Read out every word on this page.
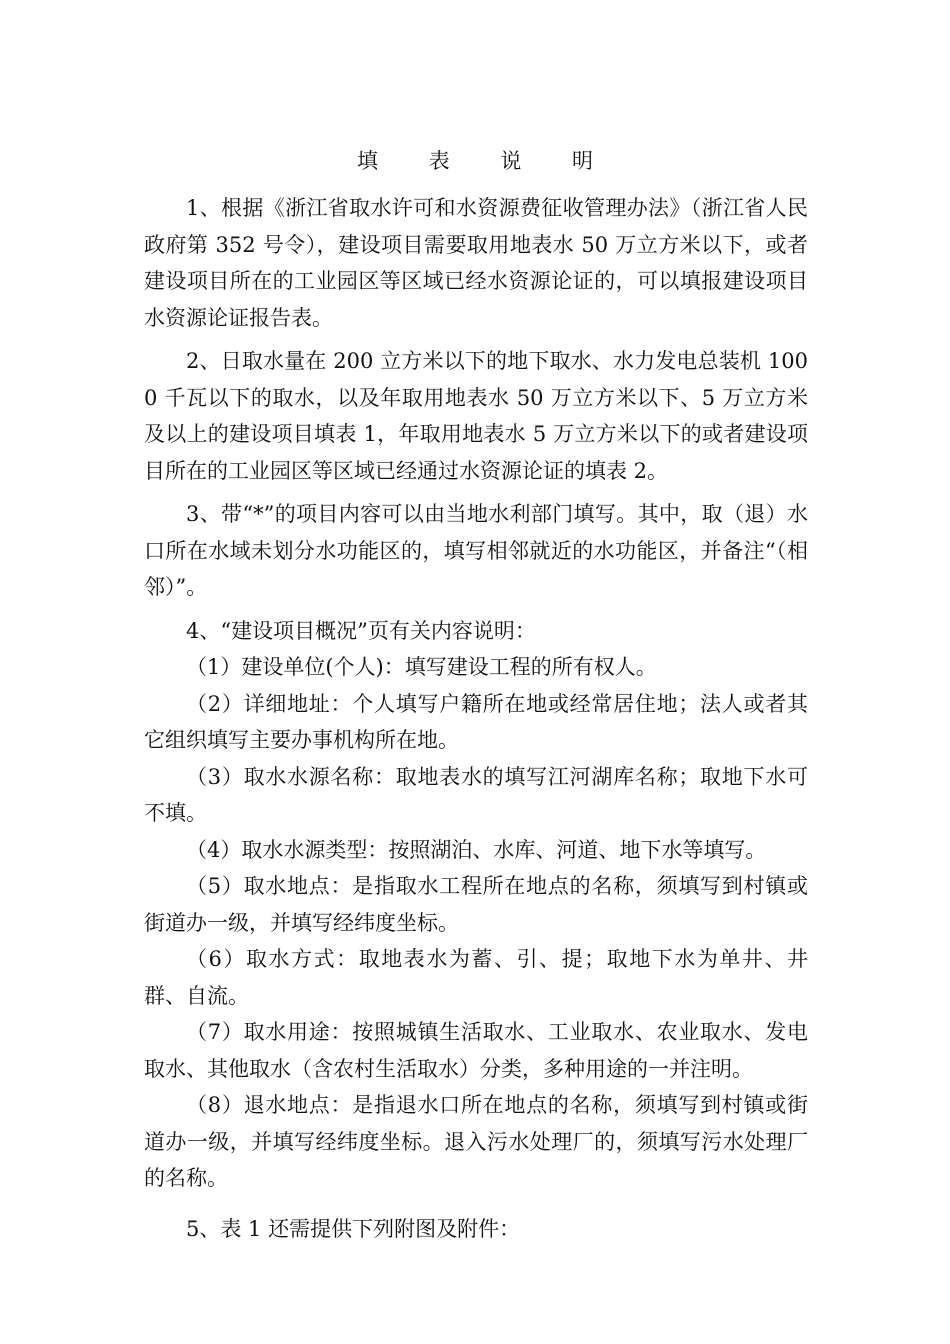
填 表 说 明

1、根据《浙江省取水许可和水资源费征收管理办法》（浙江省人民政府第 352 号令），建设项目需要取用地表水 50 万立方米以下，或者建设项目所在的工业园区等区域已经水资源论证的，可以填报建设项目水资源论证报告表。

2、日取水量在 200 立方米以下的地下取水、水力发电总装机 1000 千瓦以下的取水，以及年取用地表水 50 万立方米以下、5 万立方米及以上的建设项目填表 1，年取用地表水 5 万立方米以下的或者建设项目所在的工业园区等区域已经通过水资源论证的填表 2。

3、带“*”的项目内容可以由当地水利部门填写。其中，取（退）水口所在水域未划分水功能区的，填写相邻就近的水功能区，并备注“（相邻）”。

4、“建设项目概况”页有关内容说明：

（1）建设单位(个人)：填写建设工程的所有权人。

（2）详细地址：个人填写户籍所在地或经常居住地；法人或者其它组织填写主要办事机构所在地。

（3）取水水源名称：取地表水的填写江河湖库名称；取地下水可不填。

（4）取水水源类型：按照湖泊、水库、河道、地下水等填写。

（5）取水地点：是指取水工程所在地点的名称，须填写到村镇或街道办一级，并填写经纬度坐标。

（6）取水方式：取地表水为蓄、引、提；取地下水为单井、井群、自流。

（7）取水用途：按照城镇生活取水、工业取水、农业取水、发电取水、其他取水（含农村生活取水）分类，多种用途的一并注明。

（8）退水地点：是指退水口所在地点的名称，须填写到村镇或街道办一级，并填写经纬度坐标。退入污水处理厂的，须填写污水处理厂的名称。

5、表 1 还需提供下列附图及附件：
